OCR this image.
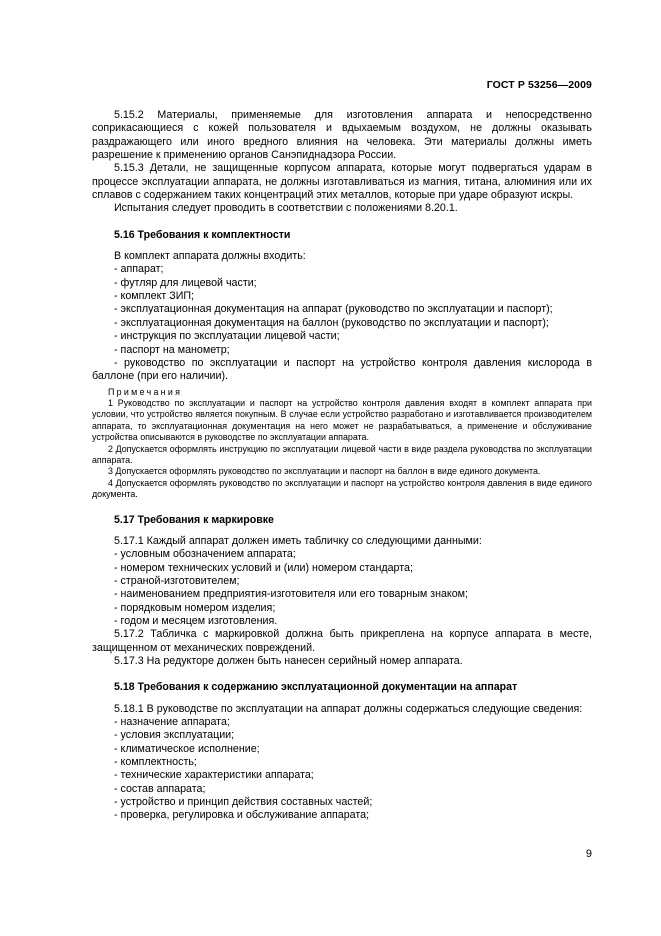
ГОСТ Р 53256—2009

5.15.2 Материалы, применяемые для изготовления аппарата и непосредственно соприкасающиеся с кожей пользователя и вдыхаемым воздухом, не должны оказывать раздражающего или иного вредного влияния на человека. Эти материалы должны иметь разрешение к применению органов Санэпиднадзора России.

5.15.3 Детали, не защищенные корпусом аппарата, которые могут подвергаться ударам в процессе эксплуатации аппарата, не должны изготавливаться из магния, титана, алюминия или их сплавов с содержанием таких концентраций этих металлов, которые при ударе образуют искры.

Испытания следует проводить в соответствии с положениями 8.20.1.

5.16 Требования к комплектности

В комплект аппарата должны входить:

- аппарат;

- футляр для лицевой части;

- комплект ЗИП;

- эксплуатационная документация на аппарат (руководство по эксплуатации и паспорт);

- эксплуатационная документация на баллон (руководство по эксплуатации и паспорт);

- инструкция по эксплуатации лицевой части;

- паспорт на манометр;

- руководство по эксплуатации и паспорт на устройство контроля давления кислорода в баллоне (при его наличии).

Примечания

1 Руководство по эксплуатации и паспорт на устройство контроля давления входят в комплект аппарата при условии, что устройство является покупным. В случае если устройство разработано и изготавливается производителем аппарата, то эксплуатационная документация на него может не разрабатываться, а применение и обслуживание устройства описываются в руководстве по эксплуатации аппарата.

2 Допускается оформлять инструкцию по эксплуатации лицевой части в виде раздела руководства по эксплуатации аппарата.

3 Допускается оформлять руководство по эксплуатации и паспорт на баллон в виде единого документа.

4 Допускается оформлять руководство по эксплуатации и паспорт на устройство контроля давления в виде единого документа.

5.17 Требования к маркировке

5.17.1 Каждый аппарат должен иметь табличку со следующими данными:

- условным обозначением аппарата;

- номером технических условий и (или) номером стандарта;

- страной-изготовителем;

- наименованием предприятия-изготовителя или его товарным знаком;

- порядковым номером изделия;

- годом и месяцем изготовления.

5.17.2 Табличка с маркировкой должна быть прикреплена на корпусе аппарата в месте, защищенном от механических повреждений.

5.17.3 На редукторе должен быть нанесен серийный номер аппарата.

5.18 Требования к содержанию эксплуатационной документации на аппарат

5.18.1 В руководстве по эксплуатации на аппарат должны содержаться следующие сведения:

- назначение аппарата;

- условия эксплуатации;

- климатическое исполнение;

- комплектность;

- технические характеристики аппарата;

- состав аппарата;

- устройство и принцип действия составных частей;

- проверка, регулировка и обслуживание аппарата;

9
